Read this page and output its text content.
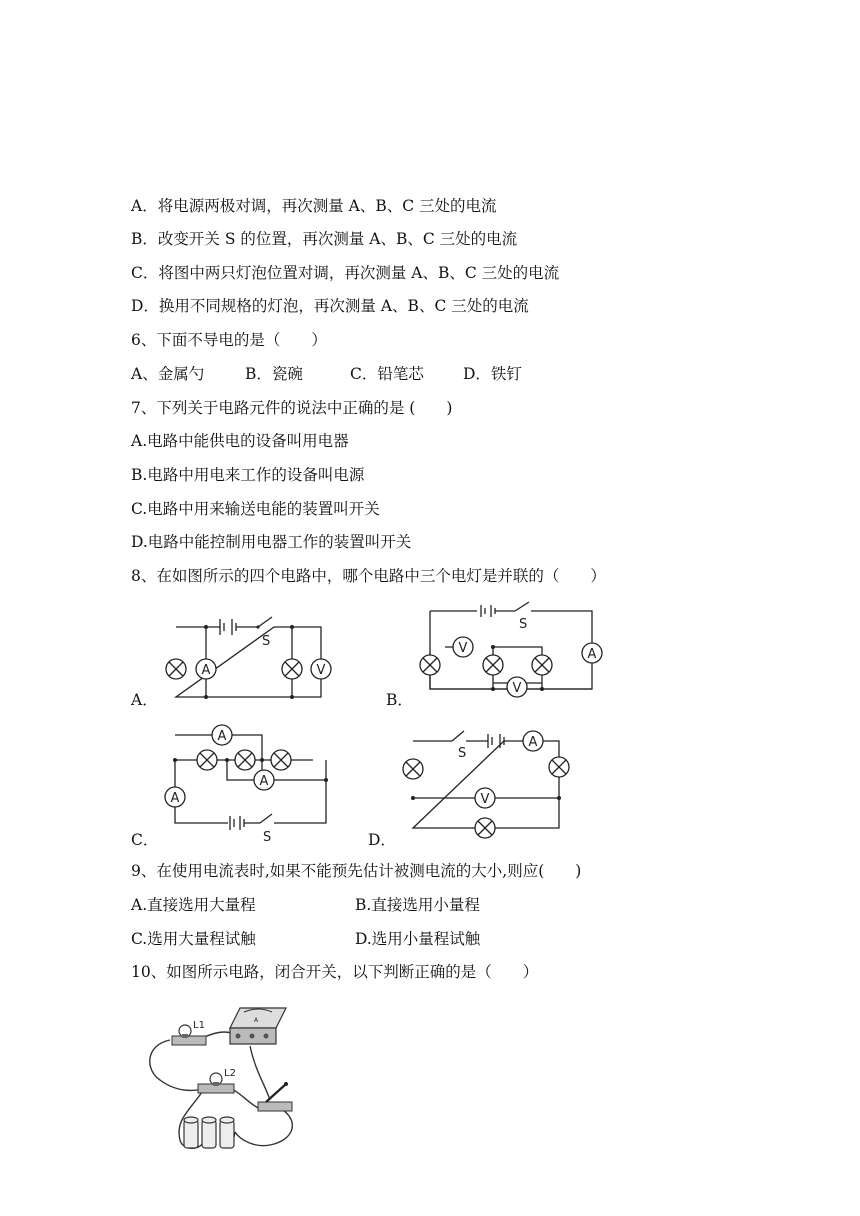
A．将电源两极对调，再次测量 A、B、C 三处的电流
B．改变开关 S 的位置，再次测量 A、B、C 三处的电流
C．将图中两只灯泡位置对调，再次测量 A、B、C 三处的电流
D．换用不同规格的灯泡，再次测量 A、B、C 三处的电流
6、下面不导电的是（　　）
A、金属勺	B．瓷碗	C．铅笔芯	D．铁钉
7、下列关于电路元件的说法中正确的是 (　　)
A.电路中能供电的设备叫用电器
B.电路中用电来工作的设备叫电源
C.电路中用来输送电能的装置叫开关
D.电路中能控制用电器工作的装置叫开关
8、在如图所示的四个电路中，哪个电路中三个电灯是并联的（　　）
A．	B．
C．	D．
A	V
S	V
V
A
S
A
A
A
S
A
V
S
9、在使用电流表时,如果不能预先估计被测电流的大小,则应(　　)
A.直接选用大量程	B.直接选用小量程
C.选用大量程试触	D.选用小量程试触
10、如图所示电路，闭合开关，以下判断正确的是（　　）
L1
L2
A
